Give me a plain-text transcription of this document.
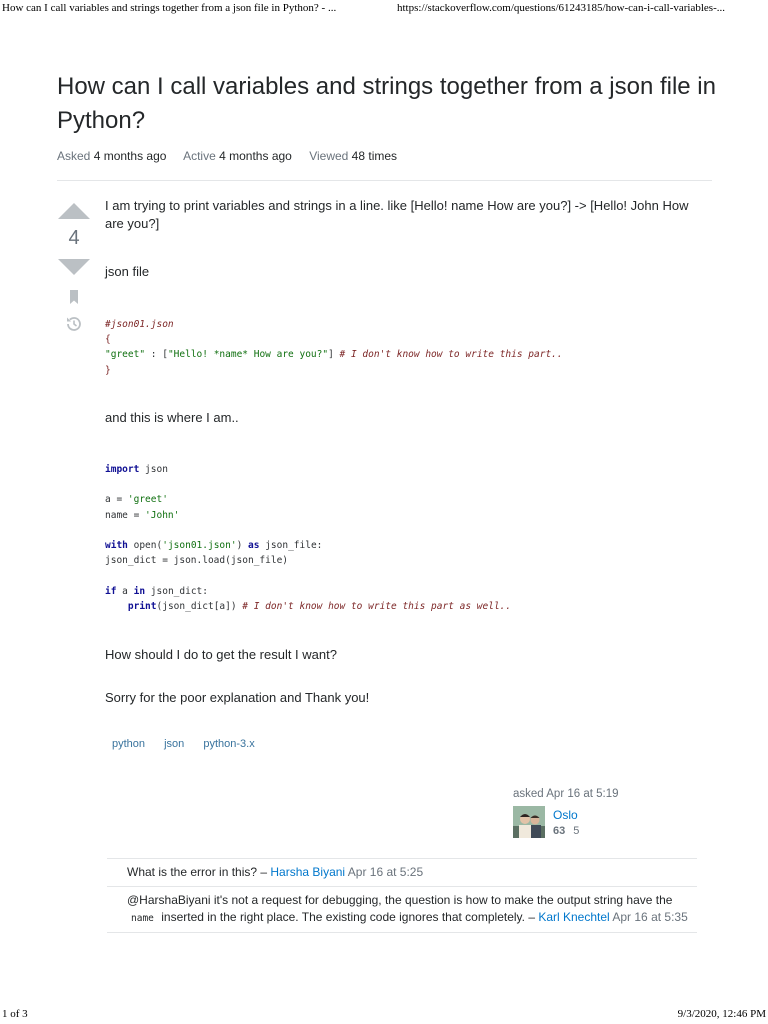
How can I call variables and strings together from a json file in Python? - ...	https://stackoverflow.com/questions/61243185/how-can-i-call-variables-...
How can I call variables and strings together from a json file in Python?
Asked 4 months ago Active 4 months ago Viewed 48 times
4

I am trying to print variables and strings in a line. like [Hello! name How are you?] -> [Hello! John How are you?]

json file

#json01.json
{
"greet" : ["Hello! *name* How are you?"] # I don't know how to write this part..
}

and this is where I am..

import json

a = 'greet'
name = 'John'

with open('json01.json') as json_file:
json_dict = json.load(json_file)

if a in json_dict:
print(json_dict[a]) # I don't know how to write this part as well..

How should I do to get the result I want?

Sorry for the poor explanation and Thank you!

python json python-3.x
asked Apr 16 at 5:19
Oslo
63 5
What is the error in this? – Harsha Biyani Apr 16 at 5:25
@HarshaBiyani it's not a request for debugging, the question is how to make the output string have the name inserted in the right place. The existing code ignores that completely. – Karl Knechtel Apr 16 at 5:35
1 of 3	9/3/2020, 12:46 PM
